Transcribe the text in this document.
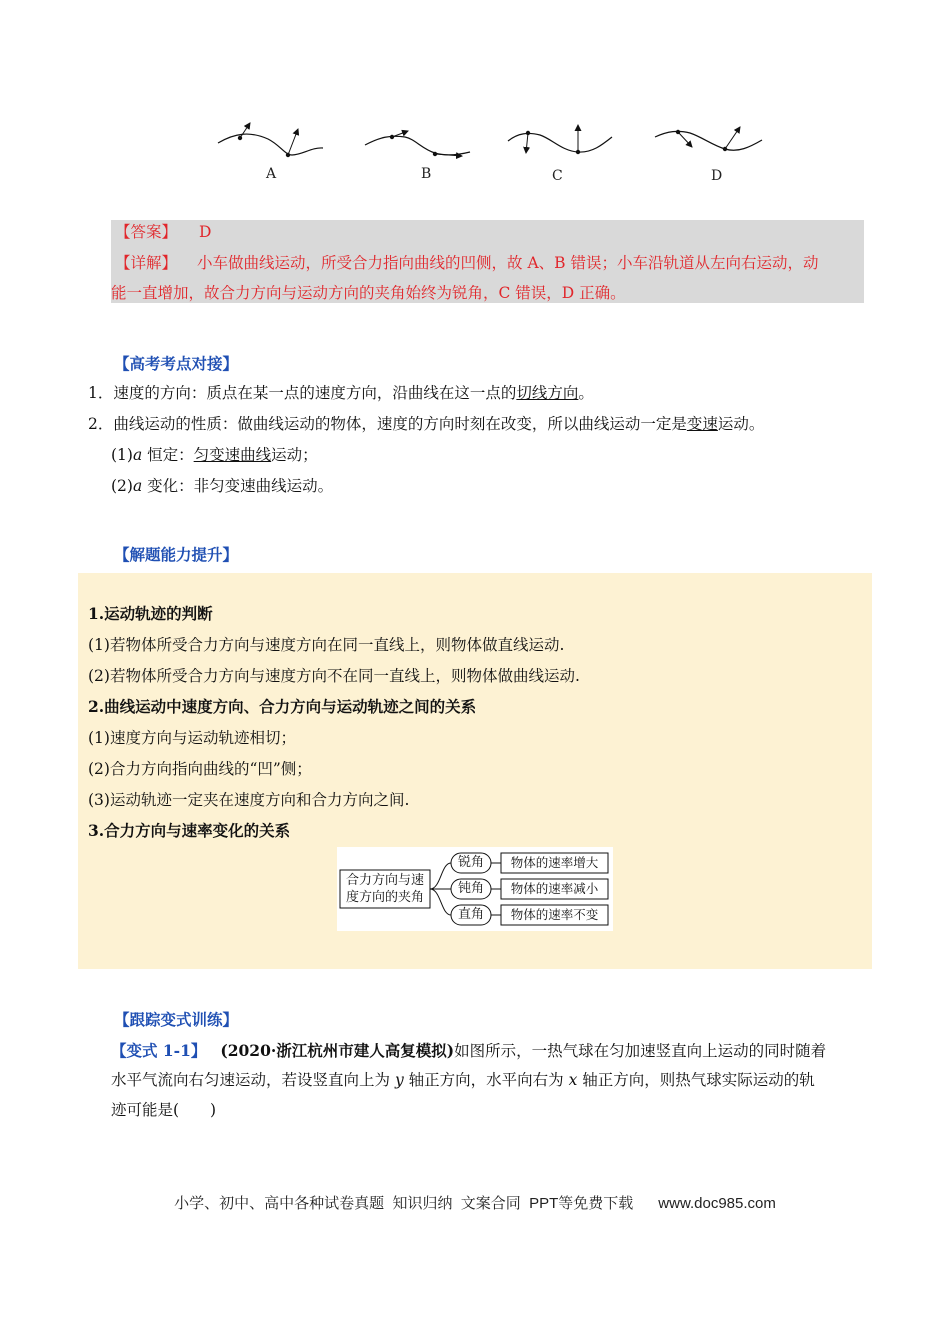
A	B	C	D
【答案】 D
【详解】 小车做曲线运动，所受合力指向曲线的凹侧，故 A、B 错误；小车沿轨道从左向右运动，动
能一直增加，故合力方向与运动方向的夹角始终为锐角，C 错误，D 正确。
【高考考点对接】
1．速度的方向：质点在某一点的速度方向，沿曲线在这一点的切线方向。
2．曲线运动的性质：做曲线运动的物体，速度的方向时刻在改变，所以曲线运动一定是变速运动。
(1)a 恒定：匀变速曲线运动；
(2)a 变化：非匀变速曲线运动。
【解题能力提升】
1.运动轨迹的判断
(1)若物体所受合力方向与速度方向在同一直线上，则物体做直线运动.
(2)若物体所受合力方向与速度方向不在同一直线上，则物体做曲线运动.
2.曲线运动中速度方向、合力方向与运动轨迹之间的关系
(1)速度方向与运动轨迹相切；
(2)合力方向指向曲线的“凹”侧；
(3)运动轨迹一定夹在速度方向和合力方向之间.
3.合力方向与速率变化的关系
合力方向与速
度方向的夹角
锐角
钝角
直角
物体的速率增大
物体的速率减小
物体的速率不变
【跟踪变式训练】
【变式 1-1】 (2020·浙江杭州市建人高复模拟)如图所示，一热气球在匀加速竖直向上运动的同时随着
水平气流向右匀速运动，若设竖直向上为 y 轴正方向，水平向右为 x 轴正方向，则热气球实际运动的轨
迹可能是(　　)
小学、初中、高中各种试卷真题  知识归纳  文案合同  PPT等免费下载      www.doc985.com
